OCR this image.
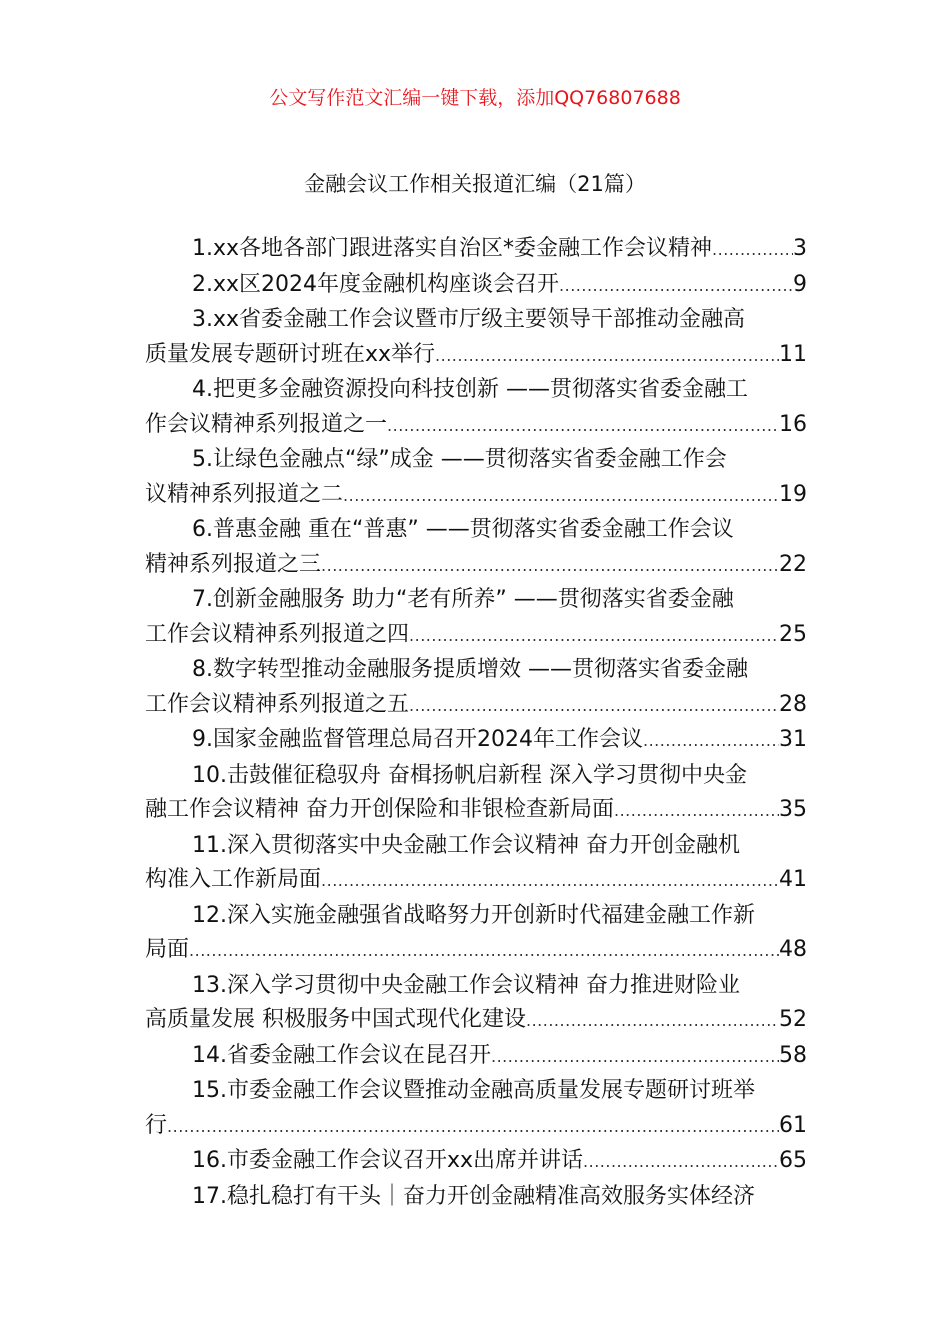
公文写作范文汇编一键下载，添加QQ76807688
金融会议工作相关报道汇编（21篇）
1.xx各地各部门跟进落实自治区*委金融工作会议精神 .....	3
2.xx区2024年度金融机构座谈会召开 .....	9
3.xx省委金融工作会议暨市厅级主要领导干部推动金融高
质量发展专题研讨班在xx举行 .....	11
4.把更多金融资源投向科技创新 ——贯彻落实省委金融工
作会议精神系列报道之一 .....	16
5.让绿色金融点“绿”成金 ——贯彻落实省委金融工作会
议精神系列报道之二 .....	19
6.普惠金融 重在“普惠” ——贯彻落实省委金融工作会议
精神系列报道之三 .....	22
7.创新金融服务 助力“老有所养” ——贯彻落实省委金融
工作会议精神系列报道之四 .....	25
8.数字转型推动金融服务提质增效 ——贯彻落实省委金融
工作会议精神系列报道之五 .....	28
9.国家金融监督管理总局召开2024年工作会议 .....	31
10.击鼓催征稳驭舟 奋楫扬帆启新程 深入学习贯彻中央金
融工作会议精神 奋力开创保险和非银检查新局面 .....	35
11.深入贯彻落实中央金融工作会议精神 奋力开创金融机
构准入工作新局面 .....	41
12.深入实施金融强省战略努力开创新时代福建金融工作新
局面 .....	48
13.深入学习贯彻中央金融工作会议精神 奋力推进财险业
高质量发展 积极服务中国式现代化建设 .....	52
14.省委金融工作会议在昆召开 .....	58
15.市委金融工作会议暨推动金融高质量发展专题研讨班举
行 .....	61
16.市委金融工作会议召开xx出席并讲话 .....	65
17.稳扎稳打有干头｜奋力开创金融精准高效服务实体经济
